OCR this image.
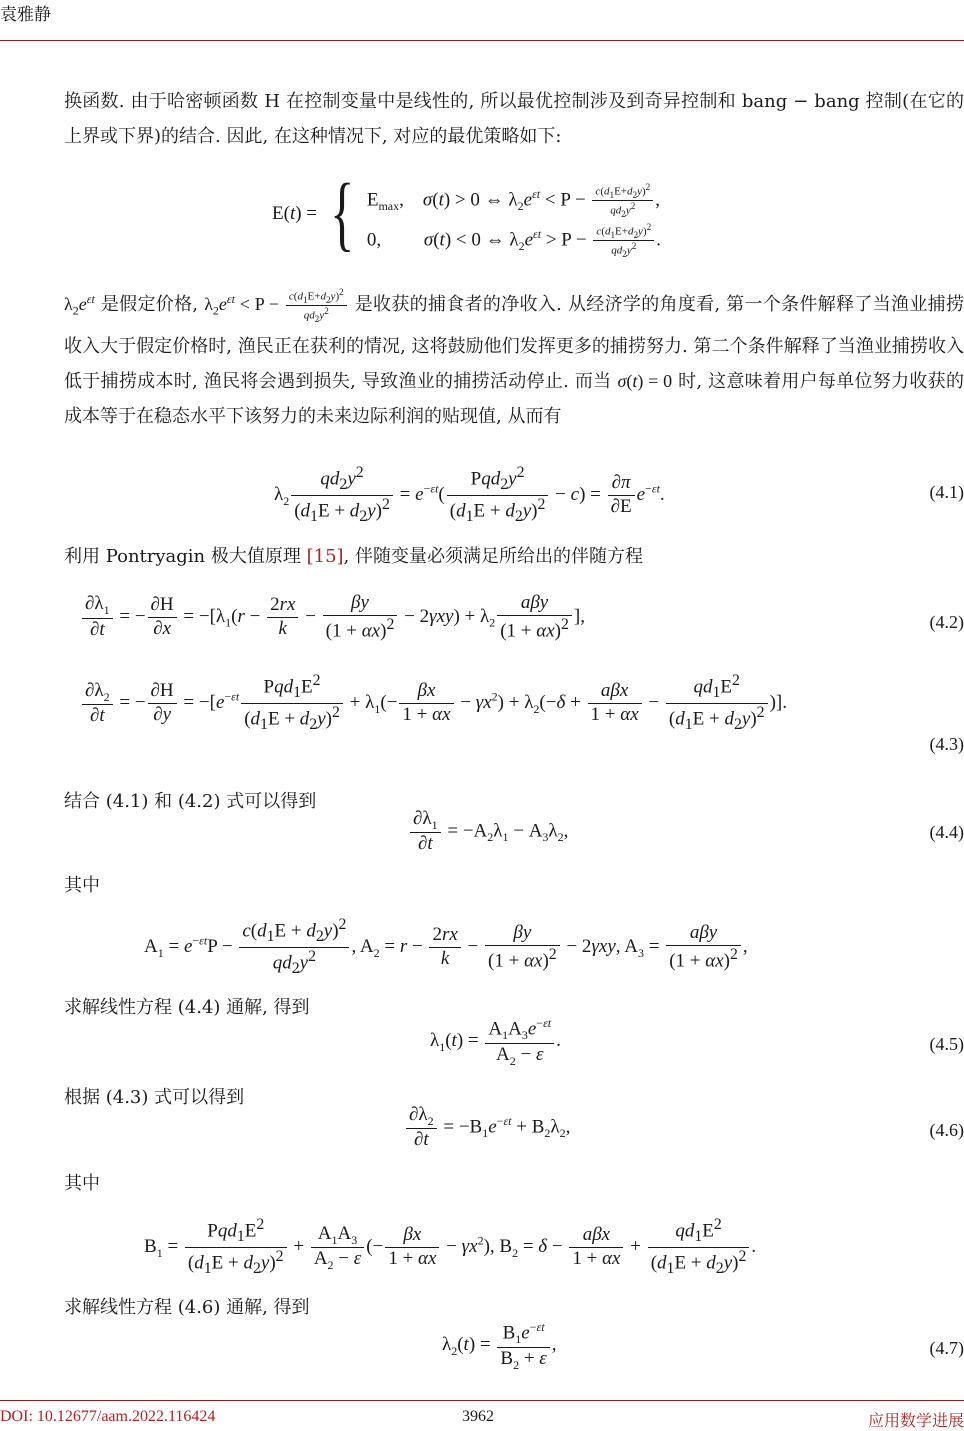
袁雅静

换函数. 由于哈密顿函数 H 在控制变量中是线性的, 所以最优控制涉及到奇异控制和 bang − bang 控制(在它的上界或下界)的结合. 因此, 在这种情况下, 对应的最优策略如下:

E(t) = { $E_{max}$,    σ(t) > 0 ⇔ $\lambda_2e^{\varepsilon t} < P - \frac{c(d_1E+d_2y)^2}{qd_2y^2}$ ,
0,         σ(t) < 0 ⇔ $\lambda_2e^{\varepsilon t} > P - \frac{c(d_1E+d_2y)^2}{qd_2y^2}$ .

$\lambda_2e^{\varepsilon t}$ 是假定价格, $\lambda_2e^{\varepsilon t} < P - \frac{c(d_1E+d_2y)^2}{qd_2y^2}$ 是收获的捕食者的净收入. 从经济学的角度看, 第一个条件解释了当渔业捕捞收入大于假定价格时, 渔民正在获利的情况, 这将鼓励他们发挥更多的捕捞努力. 第二个条件解释了当渔业捕捞收入低于捕捞成本时, 渔民将会遇到损失, 导致渔业的捕捞活动停止. 而当 σ(t) = 0 时, 这意味着用户每单位努力收获的成本等于在稳态水平下该努力的未来边际利润的贴现值, 从而有

$\lambda_2 \frac{qd_2y^2}{(d_1E + d_2y)^2} = e^{-\varepsilon t}( \frac{Pqd_2y^2}{(d_1E + d_2y)^2} - c) = \frac{\partial\pi}{\partial E} e^{-\varepsilon t}$.	(4.1)

利用 Pontryagin 极大值原理 [15], 伴随变量必须满足所给出的伴随方程

$\frac{\partial\lambda_1}{\partial t}$ = − $\frac{\partial H}{\partial x} = -[\lambda_1(r - \frac{2rx}{k} - \frac{\beta y}{(1 + \alpha x)^2} - 2\gamma xy) + \lambda_2 \frac{\text{aβy}}{(1 + \alpha x)^2}$ ],	(4.2)
$\frac{\partial\lambda_2}{\partial t}$ = − $\frac{\partial H}{\partial y} = -[e^{-\varepsilon t} \frac{Pqd_1E^2}{(d_1E + d_2y)^2} + \lambda_1(- \frac{\beta x}{1 + \alpha x} - \gamma x^2) + \lambda_2(-\delta + \frac{\text{aβx}}{1 + \alpha x} - \frac{qd_1E^2}{(d_1E + d_2y)^2}$ )].
(4.3)

结合 (4.1) 和 (4.2) 式可以得到

$\frac{\partial\lambda_1}{\partial t} = -A_2\lambda_1 - A_3\lambda_2$,	(4.4)

其中

$A_1 = e^{-\varepsilon t}P - \frac{c(d_1E + d_2y)^2}{qd_2y^2}$ , $A_2 = r - \frac{2rx}{k} - \frac{\beta y}{(1 + \alpha x)^2} - 2\gamma xy$, $A_3 = \frac{\text{aβy}}{(1 + \alpha x)^2}$ ,

求解线性方程 (4.4) 通解, 得到

$\lambda_1(t) = \frac{A_1A_3e^{-\varepsilon t}}{A_2 - \varepsilon}$ .	(4.5)

根据 (4.3) 式可以得到

$\frac{\partial\lambda_2}{\partial t} = -B_1e^{-\varepsilon t} + B_2\lambda_2$,	(4.6)

其中

$B_1 = \frac{Pqd_1E^2}{(d_1E + d_2y)^2} + \frac{A_1A_3}{A_2 - \varepsilon}$ (− $\frac{\beta x}{1 + \alpha x} - \gamma x^2$), $B_2 = \delta - \frac{\text{aβx}}{1 + \alpha x} + \frac{qd_1E^2}{(d_1E + d_2y)^2}$ .

求解线性方程 (4.6) 通解, 得到

$\lambda_2(t) = \frac{B_1e^{-\varepsilon t}}{B_2 + \varepsilon}$ ,	(4.7)
DOI: 10.12677/aam.2022.116424	3962	应用数学进展
